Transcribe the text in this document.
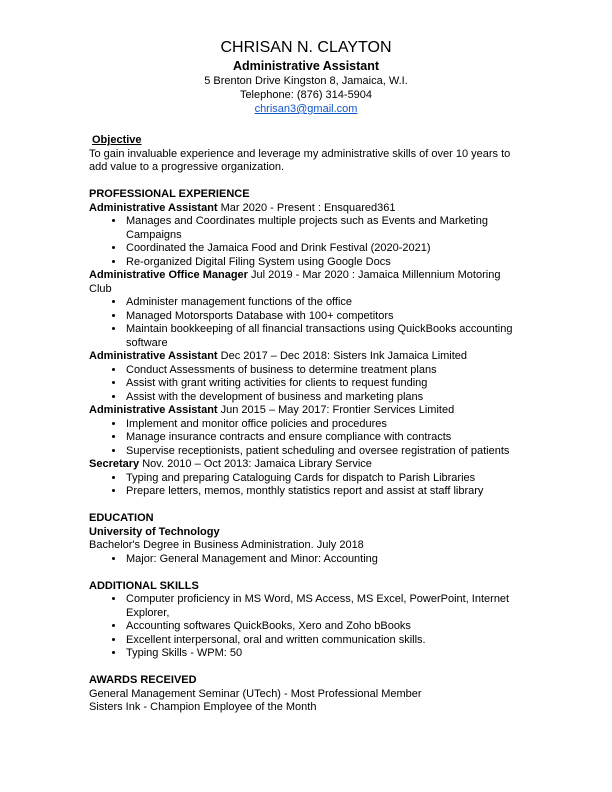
CHRISAN N. CLAYTON
Administrative Assistant
5 Brenton Drive Kingston 8, Jamaica, W.I.
Telephone: (876) 314-5904
chrisan3@gmail.com
Objective
To gain invaluable experience and leverage my administrative skills of over 10 years to add value to a progressive organization.
PROFESSIONAL EXPERIENCE
Administrative Assistant Mar 2020 - Present : Ensquared361
• Manages and Coordinates multiple projects such as Events and Marketing Campaigns
• Coordinated the Jamaica Food and Drink Festival (2020-2021)
• Re-organized Digital Filing System using Google Docs
Administrative Office Manager Jul 2019 - Mar 2020 : Jamaica Millennium Motoring Club
• Administer management functions of the office
• Managed Motorsports Database with 100+ competitors
• Maintain bookkeeping of all financial transactions using QuickBooks accounting software
Administrative Assistant Dec 2017 – Dec 2018: Sisters Ink Jamaica Limited
• Conduct Assessments of business to determine treatment plans
• Assist with grant writing activities for clients to request funding
• Assist with the development of business and marketing plans
Administrative Assistant Jun 2015 – May 2017: Frontier Services Limited
• Implement and monitor office policies and procedures
• Manage insurance contracts and ensure compliance with contracts
• Supervise receptionists, patient scheduling and oversee registration of patients
Secretary Nov. 2010 – Oct 2013: Jamaica Library Service
• Typing and preparing Cataloguing Cards for dispatch to Parish Libraries
• Prepare letters, memos, monthly statistics report and assist at staff library
EDUCATION
University of Technology
Bachelor's Degree in Business Administration. July 2018
• Major: General Management and Minor: Accounting
ADDITIONAL SKILLS
• Computer proficiency in MS Word, MS Access, MS Excel, PowerPoint, Internet Explorer,
• Accounting softwares QuickBooks, Xero and Zoho bBooks
• Excellent interpersonal, oral and written communication skills.
• Typing Skills - WPM: 50
AWARDS RECEIVED
General Management Seminar (UTech) - Most Professional Member
Sisters Ink - Champion Employee of the Month
